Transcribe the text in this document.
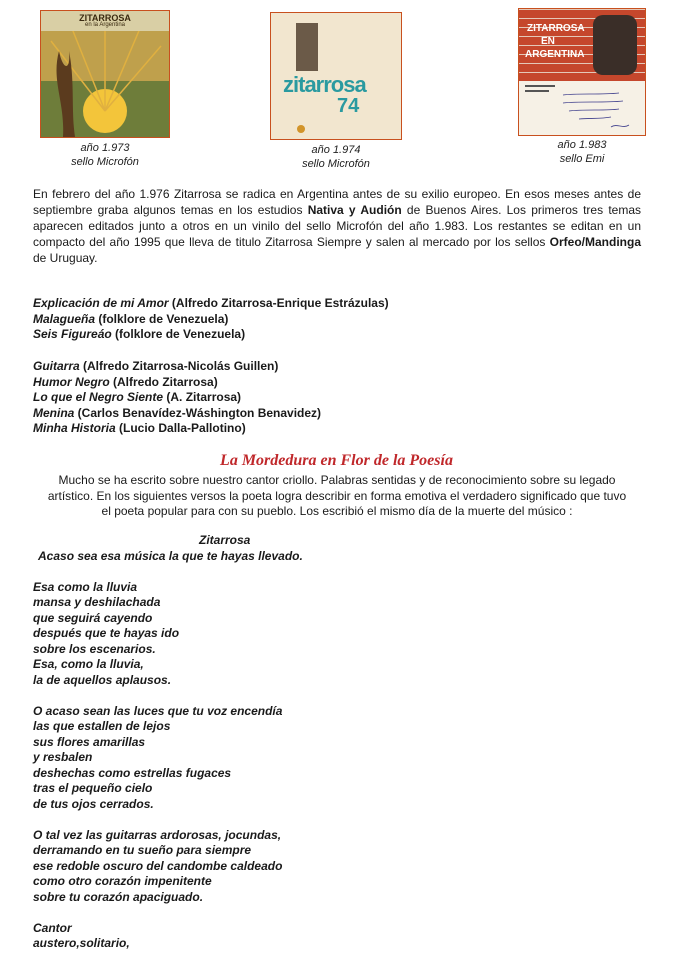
ZITARROSA
en la Argentina
año 1.973
sello Microfón
zitarrosa
74
año 1.974
sello Microfón
ZITARROSA
EN
ARGENTINA
año 1.983
sello Emi
En febrero del año 1.976 Zitarrosa se radica en Argentina antes de su exilio europeo. En esos meses antes de septiembre graba algunos temas en los estudios Nativa y Audión de Buenos Aires. Los primeros tres temas aparecen editados junto a otros en un vinilo del sello Microfón del año 1.983. Los restantes se editan en un compacto del año 1995 que lleva de titulo Zitarrosa Siempre y salen al mercado por los sellos Orfeo/Mandinga de Uruguay.
Explicación de mi Amor (Alfredo Zitarrosa-Enrique Estrázulas)
Malagueña (folklore de Venezuela)
Seis Figureáo (folklore de Venezuela)
Guitarra (Alfredo Zitarrosa-Nicolás Guillen)
Humor Negro (Alfredo Zitarrosa)
Lo que el Negro Siente (A. Zitarrosa)
Menina (Carlos Benavídez-Wáshington Benavidez)
Minha Historia (Lucio Dalla-Pallotino)
La Mordedura en Flor de la Poesía
Mucho se ha escrito sobre nuestro cantor criollo. Palabras sentidas y de reconocimiento sobre su legado artístico. En los siguientes versos la poeta logra describir en forma emotiva el verdadero significado que tuvo el poeta popular para con su pueblo. Los escribió el mismo día de la muerte del músico :
Zitarrosa
Acaso sea esa música la que te hayas llevado.
Esa como la lluvia
mansa y deshilachada
que seguirá cayendo
después que te hayas ido
sobre los escenarios.
Esa, como la lluvia,
la de aquellos aplausos.
O acaso sean las luces que tu voz encendía
las que estallen de lejos
sus flores amarillas
y resbalen
deshechas como estrellas fugaces
tras el pequeño cielo
de tus ojos cerrados.
O tal vez las guitarras ardorosas, jocundas,
derramando en tu sueño para siempre
ese redoble oscuro del candombe caldeado
como otro corazón impenitente
sobre tu corazón apaciguado.
Cantor
austero,solitario,
